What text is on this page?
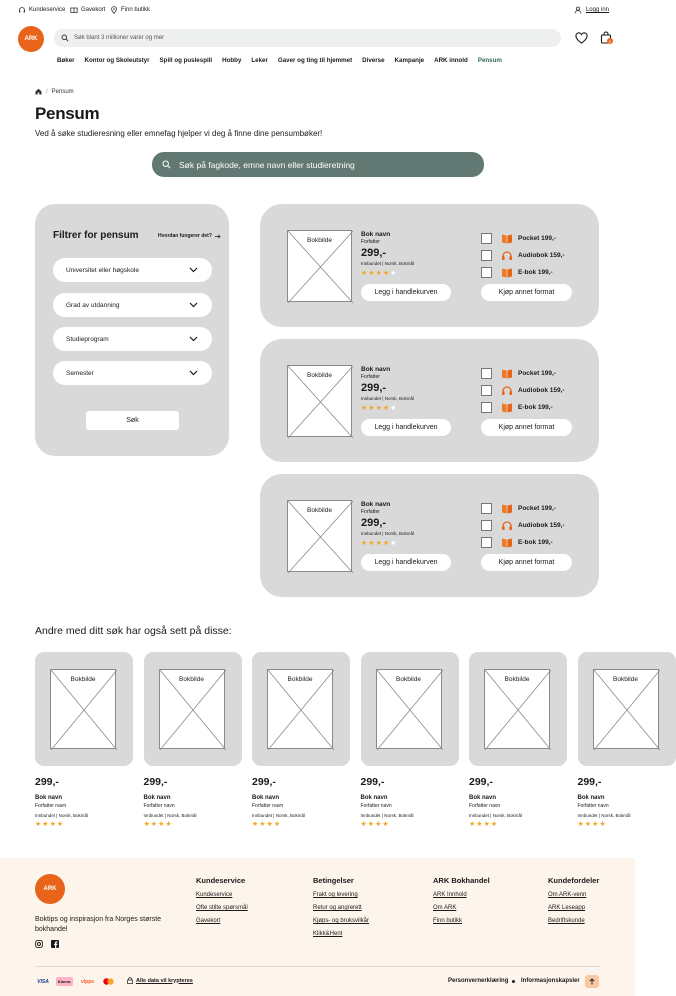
Kundeservice	Gavekort	Finn butikk	Logg inn
ARK	Søk blant 3 millioner varer og mer	0
Bøker Kontor og Skoleutstyr Spill og puslespill Hobby Leker Gaver og ting til hjemmet Diverse Kampanje ARK innold Pensum
/ Pensum
Pensum
Ved å søke studieresning eller emnefag hjelper vi deg å finne dine pensumbøker!
Søk på fagkode, emne navn eller studieretning
Filtrer for pensum	Hvordan fungerer det?
Universitet eller høgskole
Grad av utdanning
Studieprogram
Semester
Søk
Bokbilde
Bok navn
Forfatter
299,-
Innbundet | Norsk, Bokmål
★ ★ ★ ★ ★
Legg i handlekurven
Pocket 199,-
Audiobok 159,-
E-bok 199,-
Kjøp annet format
Bokbilde
Bok navn
Forfatter
299,-
Innbundet | Norsk, Bokmål
★ ★ ★ ★ ★
Legg i handlekurven
Pocket 199,-
Audiobok 159,-
E-bok 199,-
Kjøp annet format
Bokbilde
Bok navn
Forfatter
299,-
Innbundet | Norsk, Bokmål
★ ★ ★ ★ ★
Legg i handlekurven
Pocket 199,-
Audiobok 159,-
E-bok 199,-
Kjøp annet format
Andre med ditt søk har også sett på disse:
Bokbilde
299,-
Bok navn
Forfatter navn
Innbundet | Norsk, Bokmål
★ ★ ★ ★ ★
Bokbilde
299,-
Bok navn
Forfatter navn
Innbundet | Norsk, Bokmål
★ ★ ★ ★ ★
Bokbilde
299,-
Bok navn
Forfatter navn
Innbundet | Norsk, Bokmål
★ ★ ★ ★ ★
Bokbilde
299,-
Bok navn
Forfatter navn
Innbundet | Norsk, Bokmål
★ ★ ★ ★ ★
Bokbilde
299,-
Bok navn
Forfatter navn
Innbundet | Norsk, Bokmål
★ ★ ★ ★ ★
Bokbilde
299,-
Bok navn
Forfatter navn
Innbundet | Norsk, Bokmål
★ ★ ★ ★ ★
ARK
Boktips og inspirasjon fra Norges største bokhandel
Kundeservice
Kundeservice
Ofte stilte spørsmål
Gavekort
Betingelser
Frakt og levering
Retur og angrerett
Kjøps- og bruksvilkår
Klikk&Hent
ARK Bokhandel
ARK Innhold
Om ARK
Finn butikk
Kundefordeler
Om ARK-venn
ARK Leseapp
Bedriftskunde
VISA	Klarna.	vipps	Alle data vil krypteres	Personvernerklæring Informasjonskapsler
